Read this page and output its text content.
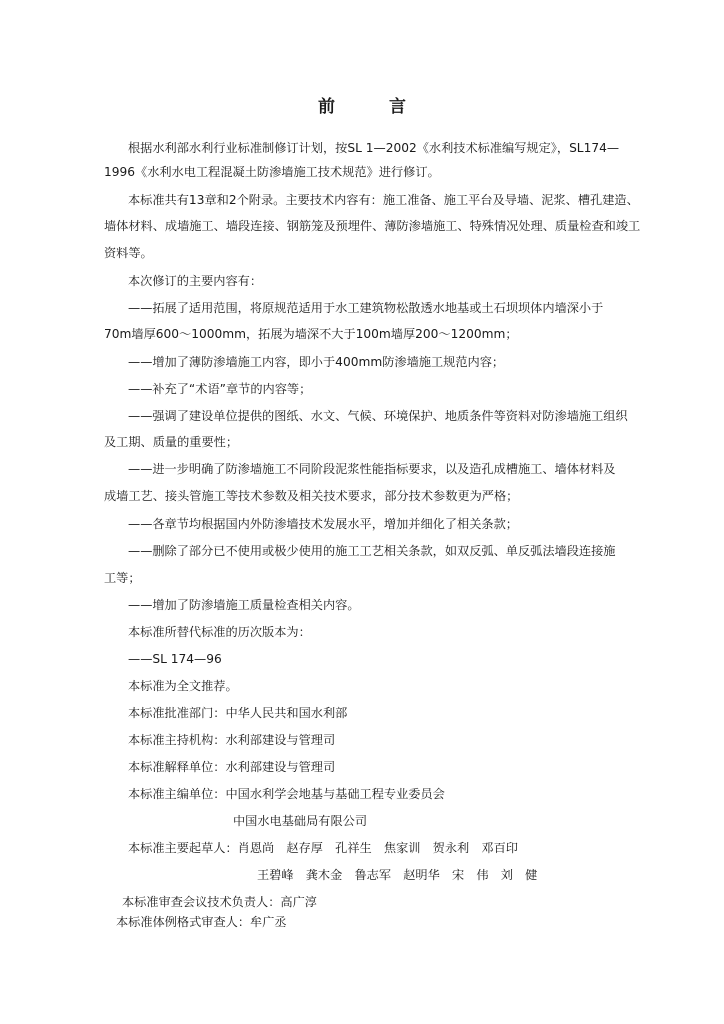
前 言
根据水利部水利行业标准制修订计划，按SL 1—2002《水利技术标准编写规定》，SL174—
1996《水利水电工程混凝土防渗墙施工技术规范》进行修订。
本标准共有13章和2个附录。主要技术内容有：施工准备、施工平台及导墙、泥浆、槽孔建造、
墙体材料、成墙施工、墙段连接、钢筋笼及预埋件、薄防渗墙施工、特殊情况处理、质量检查和竣工
资料等。
本次修订的主要内容有：
——拓展了适用范围，将原规范适用于水工建筑物松散透水地基或土石坝坝体内墙深小于
70m墙厚600～1000mm，拓展为墙深不大于100m墙厚200～1200mm；
——增加了薄防渗墙施工内容，即小于400mm防渗墙施工规范内容；
——补充了“术语”章节的内容等；
——强调了建设单位提供的图纸、水文、气候、环境保护、地质条件等资料对防渗墙施工组织
及工期、质量的重要性；
——进一步明确了防渗墙施工不同阶段泥浆性能指标要求，以及造孔成槽施工、墙体材料及
成墙工艺、接头管施工等技术参数及相关技术要求，部分技术参数更为严格；
——各章节均根据国内外防渗墙技术发展水平，增加并细化了相关条款；
——删除了部分已不使用或极少使用的施工工艺相关条款，如双反弧、单反弧法墙段连接施
工等；
——增加了防渗墙施工质量检查相关内容。
本标准所替代标准的历次版本为：
——SL 174—96
本标准为全文推荐。
本标准批准部门：中华人民共和国水利部
本标准主持机构：水利部建设与管理司
本标准解释单位：水利部建设与管理司
本标准主编单位：中国水利学会地基与基础工程专业委员会
中国水电基础局有限公司
本标准主要起草人：肖恩尚　赵存厚　孔祥生　焦家训　贺永利　邓百印
王碧峰　龚木金　鲁志军　赵明华　宋　伟　刘　健
本标准审查会议技术负责人：高广淳
本标准体例格式审查人：牟广丞
